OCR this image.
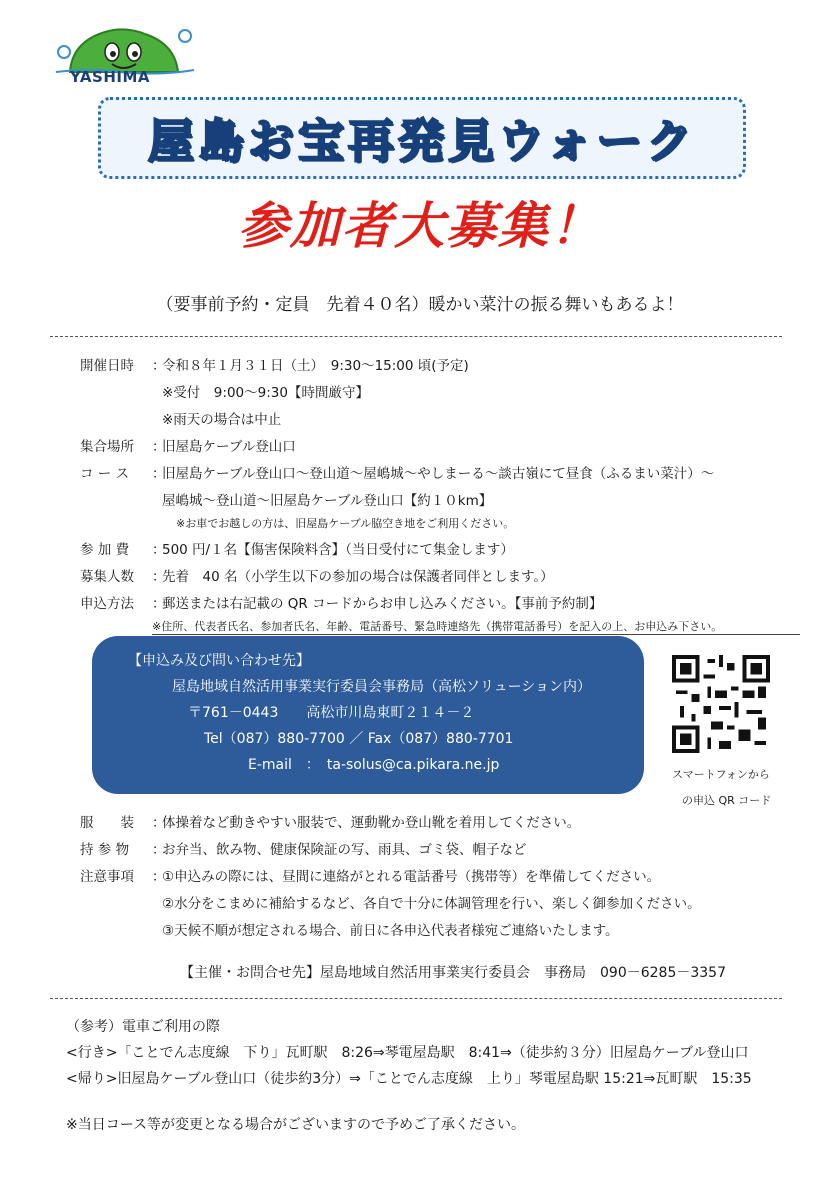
YASHIMA
屋島お宝再発見ウォーク
参加者大募集！
（要事前予約・定員　先着４０名）暖かい菜汁の振る舞いもあるよ！
開催日時	：
令和８年１月３１日（土）　9:30～15:00 頃(予定)
※受付　9:00～9:30【時間厳守】
※雨天の場合は中止
集合場所	：
旧屋島ケーブル登山口
コ ー ス	：
旧屋島ケーブル登山口～登山道～屋嶋城～やしまーる～談古嶺にて昼食（ふるまい菜汁）～
屋嶋城～登山道～旧屋島ケーブル登山口【約１０km】
※お車でお越しの方は、旧屋島ケーブル脇空き地をご利用ください。
参 加 費	：
500 円/１名【傷害保険料含】（当日受付にて集金します）
募集人数	：
先着　40 名（小学生以下の参加の場合は保護者同伴とします。）
申込方法	：
郵送または右記載の QR コードからお申し込みください。【事前予約制】
※住所、代表者氏名、参加者氏名、年齢、電話番号、緊急時連絡先（携帯電話番号）を記入の上、お申込み下さい。
【申込み及び問い合わせ先】
屋島地域自然活用事業実行委員会事務局（高松ソリューション内）
〒761－0443　　高松市川島東町２１４－２
Tel（087）880-7700 ／ Fax（087）880-7701
E-mail　：　ta-solus@ca.pikara.ne.jp
スマートフォンから
の申込 QR コード
服　　装	：
体操着など動きやすい服装で、運動靴か登山靴を着用してください。
持 参 物	：
お弁当、飲み物、健康保険証の写、雨具、ゴミ袋、帽子など
注意事項	：
①申込みの際には、昼間に連絡がとれる電話番号（携帯等）を準備してください。
②水分をこまめに補給するなど、各自で十分に体調管理を行い、楽しく御参加ください。
③天候不順が想定される場合、前日に各申込代表者様宛ご連絡いたします。
【主催・お問合せ先】屋島地域自然活用事業実行委員会　事務局　090－6285－3357
（参考）電車ご利用の際
<行き>「ことでん志度線　下り」瓦町駅　8:26⇒琴電屋島駅　8:41⇒（徒歩約３分）旧屋島ケーブル登山口
<帰り>旧屋島ケーブル登山口（徒歩約3分）⇒「ことでん志度線　上り」琴電屋島駅 15:21⇒瓦町駅　15:35
※当日コース等が変更となる場合がございますので予めご了承ください。
